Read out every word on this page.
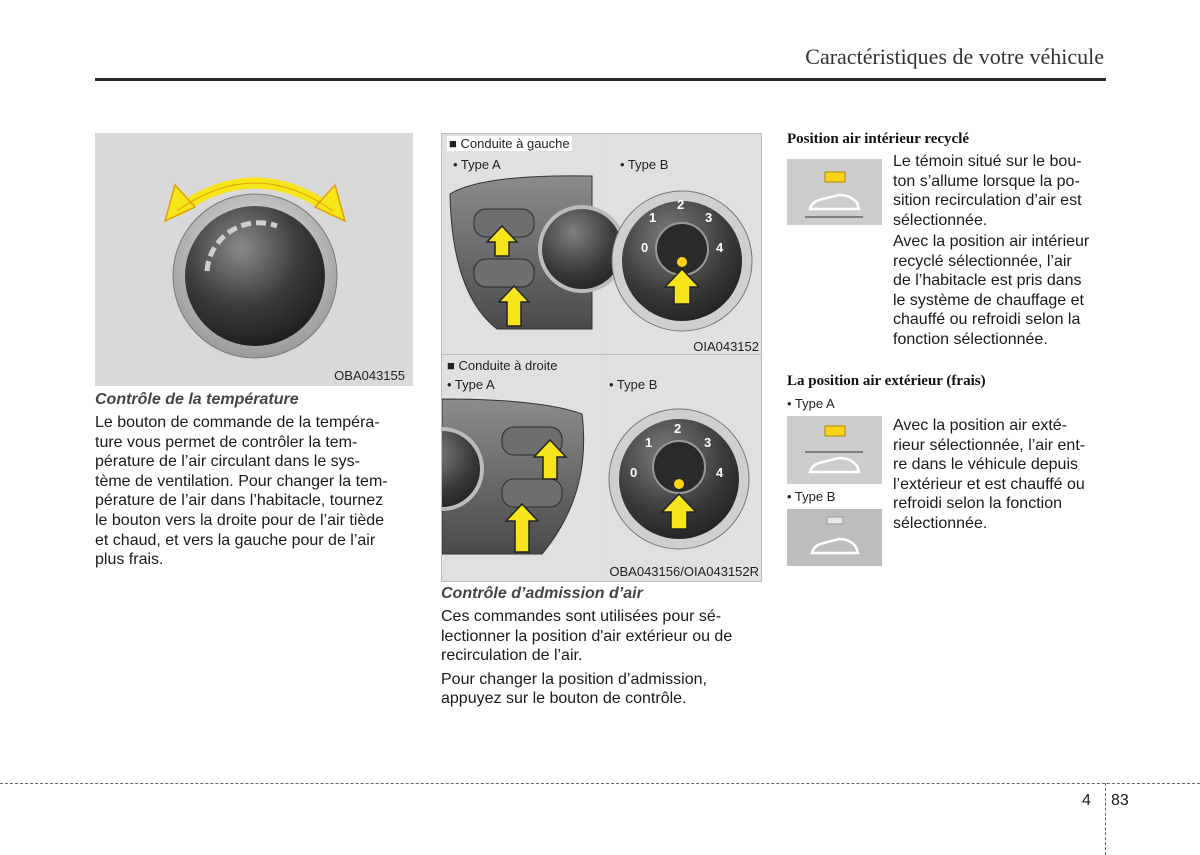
Caractéristiques de votre véhicule
OBA043155
Contrôle de la température
Le bouton de commande de la tempéra-
ture vous permet de contrôler la tem-
pérature de l’air circulant dans le sys-
tème de ventilation. Pour changer la tem-
pérature de l’air dans l’habitacle, tournez
le bouton vers la droite pour de l’air tiède
et chaud, et vers la gauche pour de l’air
plus frais.
0
1
2
3
4
0
1
2
3
4
■ Conduite à gauche
• Type A	• Type B
OIA043152
■ Conduite à droite
• Type A	• Type B
OBA043156/OIA043152R
Contrôle d’admission d’air
Ces commandes sont utilisées pour sé-
lectionner la position d'air extérieur ou de
recirculation de l’air.
Pour changer la position d’admission,
appuyez sur le bouton de contrôle.
Position air intérieur recyclé
Le témoin situé sur le bou-
ton s’allume lorsque la po-
sition recirculation d’air est
sélectionnée.
Avec la position air intérieur
recyclé sélectionnée, l’air
de l’habitacle est pris dans
le système de chauffage et
chauffé ou refroidi selon la
fonction sélectionnée.
La position air extérieur (frais)
• Type A
• Type B
Avec la position air exté-
rieur sélectionnée, l’air ent-
re dans le véhicule depuis
l’extérieur et est chauffé ou
refroidi selon la fonction
sélectionnée.
4 83
